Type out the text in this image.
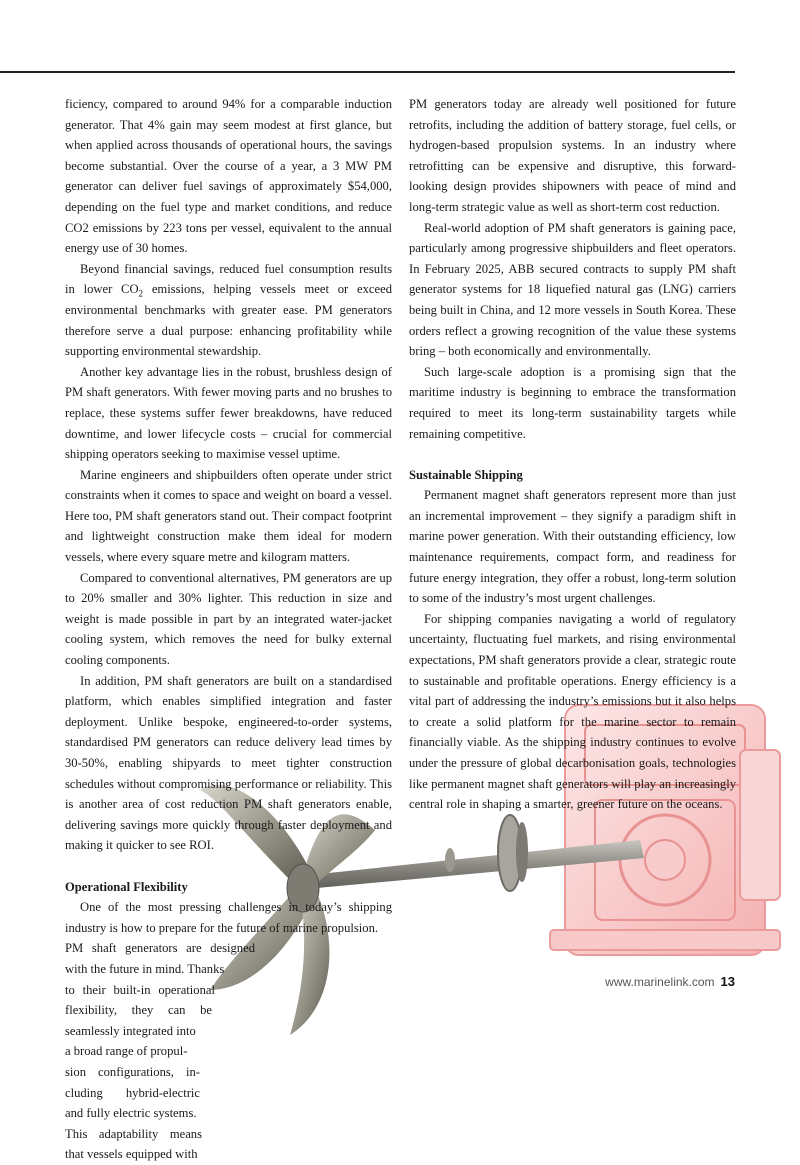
ficiency, compared to around 94% for a comparable induction generator. That 4% gain may seem modest at first glance, but when applied across thousands of operational hours, the savings become substantial. Over the course of a year, a 3 MW PM generator can deliver fuel savings of approximately $54,000, depending on the fuel type and market conditions, and reduce CO2 emissions by 223 tons per vessel, equivalent to the annual energy use of 30 homes.

Beyond financial savings, reduced fuel consumption results in lower $CO_2$ emissions, helping vessels meet or exceed environmental benchmarks with greater ease. PM generators therefore serve a dual purpose: enhancing profitability while supporting environmental stewardship.

Another key advantage lies in the robust, brushless design of PM shaft generators. With fewer moving parts and no brushes to replace, these systems suffer fewer breakdowns, have reduced downtime, and lower lifecycle costs – crucial for commercial shipping operators seeking to maximise vessel uptime.

Marine engineers and shipbuilders often operate under strict constraints when it comes to space and weight on board a vessel. Here too, PM shaft generators stand out. Their compact footprint and lightweight construction make them ideal for modern vessels, where every square metre and kilogram matters.

Compared to conventional alternatives, PM generators are up to 20% smaller and 30% lighter. This reduction in size and weight is made possible in part by an integrated water-jacket cooling system, which removes the need for bulky external cooling components.

In addition, PM shaft generators are built on a standardised platform, which enables simplified integration and faster deployment. Unlike bespoke, engineered-to-order systems, standardised PM generators can reduce delivery lead times by 30-50%, enabling shipyards to meet tighter construction schedules without compromising performance or reliability. This is another area of cost reduction PM shaft generators enable, delivering savings more quickly through faster deployment and making it quicker to see ROI.

Operational Flexibility

One of the most pressing challenges in today’s shipping industry is how to prepare for the future of marine propulsion.

PM shaft generators are designed

with the future in mind. Thanks

to their built-in operational

flexibility, they can be

seamlessly integrated into

a broad range of propul-

sion configurations, in-

cluding hybrid-electric

and fully electric systems.

This adaptability means

that vessels equipped with

PM generators today are already well positioned for future retrofits, including the addition of battery storage, fuel cells, or hydrogen-based propulsion systems. In an industry where retrofitting can be expensive and disruptive, this forward-looking design provides shipowners with peace of mind and long-term strategic value as well as short-term cost reduction.

Real-world adoption of PM shaft generators is gaining pace, particularly among progressive shipbuilders and fleet operators. In February 2025, ABB secured contracts to supply PM shaft generator systems for 18 liquefied natural gas (LNG) carriers being built in China, and 12 more vessels in South Korea. These orders reflect a growing recognition of the value these systems bring – both economically and environmentally.

Such large-scale adoption is a promising sign that the maritime industry is beginning to embrace the transformation required to meet its long-term sustainability targets while remaining competitive.

Sustainable Shipping

Permanent magnet shaft generators represent more than just an incremental improvement – they signify a paradigm shift in marine power generation. With their outstanding efficiency, low maintenance requirements, compact form, and readiness for future energy integration, they offer a robust, long-term solution to some of the industry’s most urgent challenges.

For shipping companies navigating a world of regulatory uncertainty, fluctuating fuel markets, and rising environmental expectations, PM shaft generators provide a clear, strategic route to sustainable and profitable operations. Energy efficiency is a vital part of addressing the industry’s emissions but it also helps to create a solid platform for the marine sector to remain financially viable. As the shipping industry continues to evolve under the pressure of global decarbonisation goals, technologies like permanent magnet shaft generators will play an increasingly central role in shaping a smarter, greener future on the oceans.

www.marinelink.com 13
